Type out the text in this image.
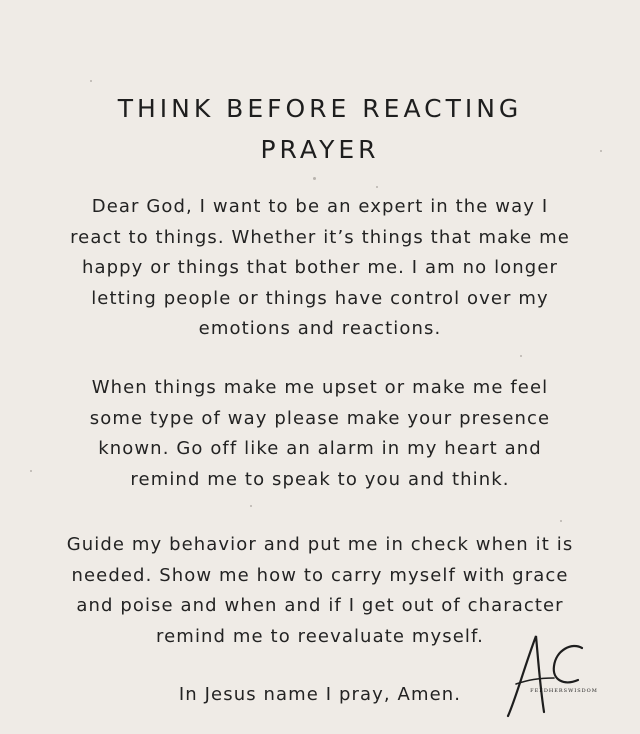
THINK BEFORE REACTING
PRAYER
Dear God, I want to be an expert in the way I
react to things. Whether it’s things that make me
happy or things that bother me. I am no longer
letting people or things have control over my
emotions and reactions.
When things make me upset or make me feel
some type of way please make your presence
known. Go off like an alarm in my heart and
remind me to speak to you and think.
Guide my behavior and put me in check when it is
needed. Show me how to carry myself with grace
and poise and when and if I get out of character
remind me to reevaluate myself.
In Jesus name I pray, Amen.	FEEDHERSWISDOM
